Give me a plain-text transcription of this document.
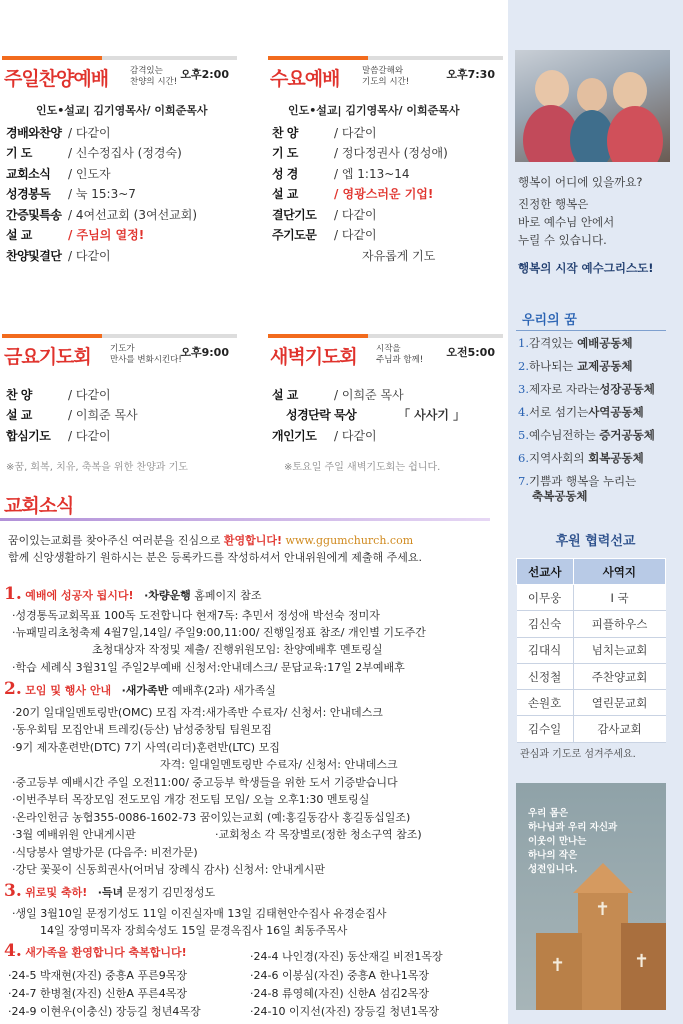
주일찬양예배	감격있는
찬양의 시간!
오후2:00
인도•설교| 김기영목사/ 이희준목사
경배와찬양 / 다같이
기 도	/ 신수정집사 (정경숙)
교회소식	/ 인도자
성경봉독	/ 눅 15:3~7
간증및특송 / 4여선교회 (3여선교회)
설 교	/ 주님의 열정!
찬양및결단 / 다같이
수요예배	말씀갈해와
기도의 시간!
오후7:30
인도•설교| 김기영목사/ 이희준목사
찬 양	/ 다같이
기 도	/ 정다정권사 (정성애)
성 경	/ 엡 1:13~14
설 교	/ 영광스러운 기업!
결단기도	/ 다같이
주기도문	/ 다같이
자유롭게 기도
금요기도회 기도가
만사를 변화시킨다!
오후9:00
찬 양	/ 다같이
설 교	/ 이희준 목사
합심기도	/ 다같이
※꿈, 회복, 치유, 축복을 위한 찬양과 기도
새벽기도회 시작을
주님과 함께!
오전5:00
설 교	/ 이희준 목사
성경단락 묵상	「 사사기 」
개인기도	/ 다같이
※토요일 주일 새벽기도회는 쉽니다.
교회소식
꿈이있는교회를 찾아주신 여러분을 진심으로 환영합니다! www.ggumchurch.com
함께 신앙생활하기 원하시는 분은 등록카드를 작성하셔서 안내위원에게 제출해 주세요.
1. 예배에 성공자 됩시다! ·차량운행 홈페이지 참조
·성경통독교회목표 100독 도전합니다 현재7독: 추민서 정성애 박선숙 정미자
·뉴패밀리초청축제 4월7일,14일/ 주일9:00,11:00/ 진행일정표 참조/ 개인별 기도주간
초청대상자 작정및 제출/ 진행위원모임: 찬양예배후 멘토링실
·학습 세례식 3월31일 주일2부예배 신청서:안내데스크/ 문답교육:17일 2부예배후
2. 모임 및 행사 안내 ·새가족반 예배후(2과) 새가족실
·20기 일대일멘토링반(OMC) 모집 자격:새가족반 수료자/ 신청서: 안내데스크
·동우회팀 모집안내 트레킹(등산) 남성중창팀 팀원모집
·9기 제자훈련반(DTC) 7기 사역(리더)훈련반(LTC) 모집
자격: 일대일멘토링반 수료자/ 신청서: 안내데스크
·중고등부 예배시간 주일 오전11:00/ 중고등부 학생들을 위한 도서 기증받습니다
·이번주부터 목장모임 전도모임 개강 전도팀 모임/ 오늘 오후1:30 멘토링실
·온라인헌금 농협355-0086-1602-73 꿈이있는교회 (예:홍길동감사 홍길동십일조)
·3월 예배위원 안내게시판	·교회청소 각 목장별로(정한 청소구역 참조)
·식당봉사 열방가문 (다음주: 비전가문)
·강단 꽃꽂이 신동희권사(어머님 장례식 감사) 신청서: 안내게시판
3. 위로및 축하! ·득녀 문정기 김민정성도
·생일 3월10일 문정기성도 11일 이진실자매 13일 김태현안수집사 유경순집사
14일 장영미목자 장희숙성도 15일 문경옥집사 16일 최동주목사
4. 새가족을 환영합니다 축복합니다!	·24-4 나인경(자진) 동산재길 비전1목장
·24-5 박재현(자진) 중흥A 푸른9목장	·24-6 이봉심(자진) 중흥A 한나1목장
·24-7 한병철(자진) 신한A 푸른4목장	·24-8 류영혜(자진) 신한A 섬김2목장
·24-9 이현우(이충신) 장등길 청년4목장	·24-10 이지선(자진) 장등길 청년1목장
행복이 어디에 있을까요?
진정한 행복은
바로 예수님 안에서
누릴 수 있습니다.
행복의 시작 예수그리스도!
우리의 꿈
1.감격있는 예배공동체
2.하나되는 교제공동체
3.제자로 자라는성장공동체
4.서로 섬기는사역공동체
5.예수님전하는 증거공동체
6.지역사회의 회복공동체
7.기쁨과 행복을 누리는
축복공동체
후원 협력선교
선교사	사역지
이무웅	I 국
김신숙	피플하우스
김대식	넘치는교회
신정철	주찬양교회
손원호	열린문교회
김수일	감사교회
관심과 기도로 섬겨주세요.
우리 몸은
하나님과 우리 자신과
이웃이 만나는
하나의 작은
성전입니다.
✝
✝	✝
